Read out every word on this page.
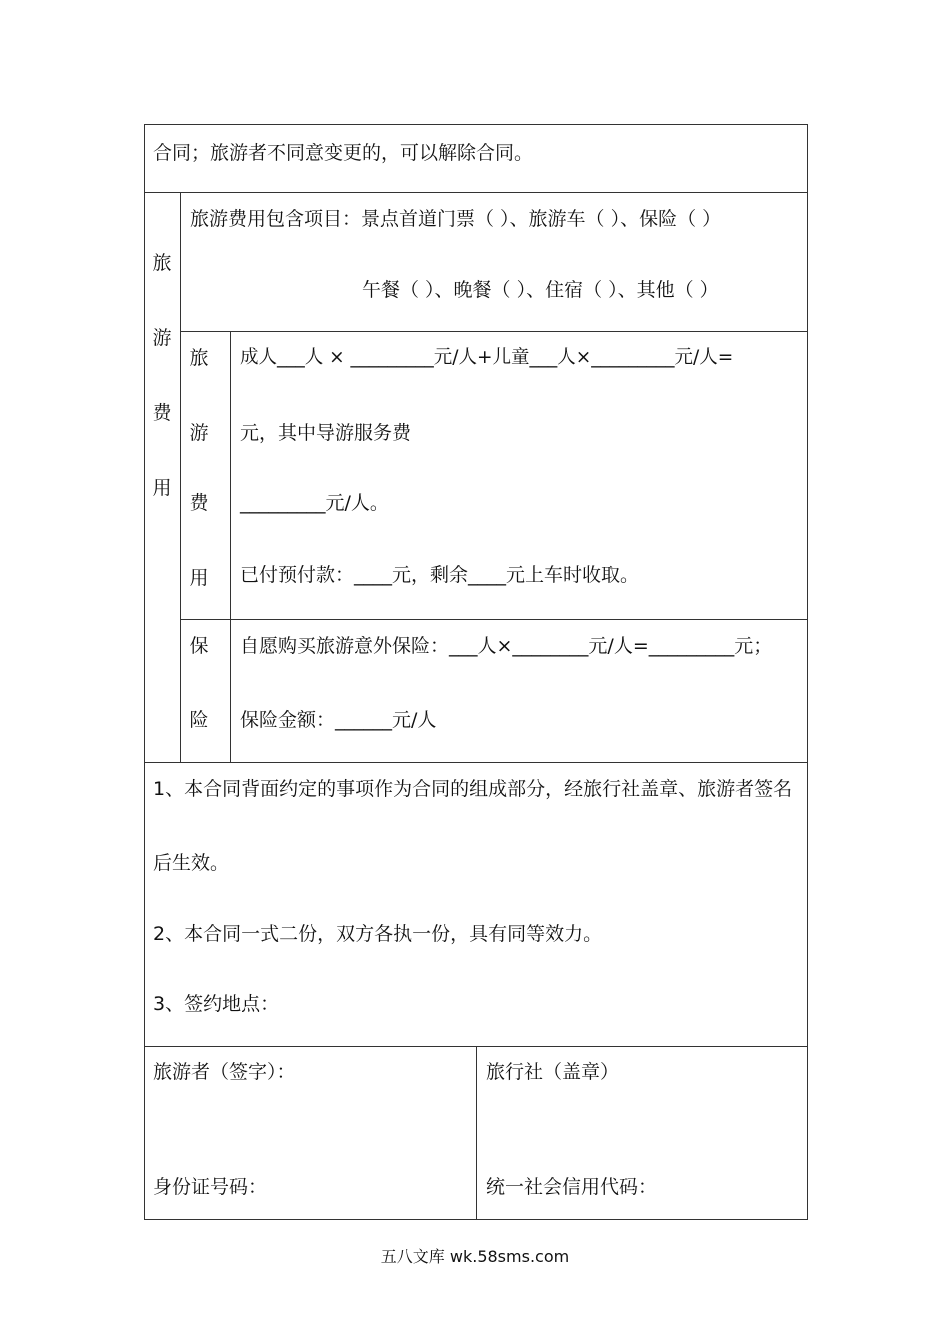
合同；旅游者不同意变更的，可以解除合同。
旅
游
费
用
旅游费用包含项目：景点首道门票（ ）、旅游车（ ）、保险（ ）
午餐（ ）、晚餐（ ）、住宿（ ）、其他（ ）
旅
游
费
用
成人___人 × _________元/人+儿童___人×_________元/人=
元，其中导游服务费
_________元/人。
已付预付款：____元，剩余____元上车时收取。
保
险
自愿购买旅游意外保险：___人×________元/人=_________元；
保险金额：______元/人
1、本合同背面约定的事项作为合同的组成部分，经旅行社盖章、旅游者签名
后生效。
2、本合同一式二份，双方各执一份，具有同等效力。
3、签约地点：
旅游者（签字）：
身份证号码：
旅行社（盖章）
统一社会信用代码：
五八文库 wk.58sms.com
